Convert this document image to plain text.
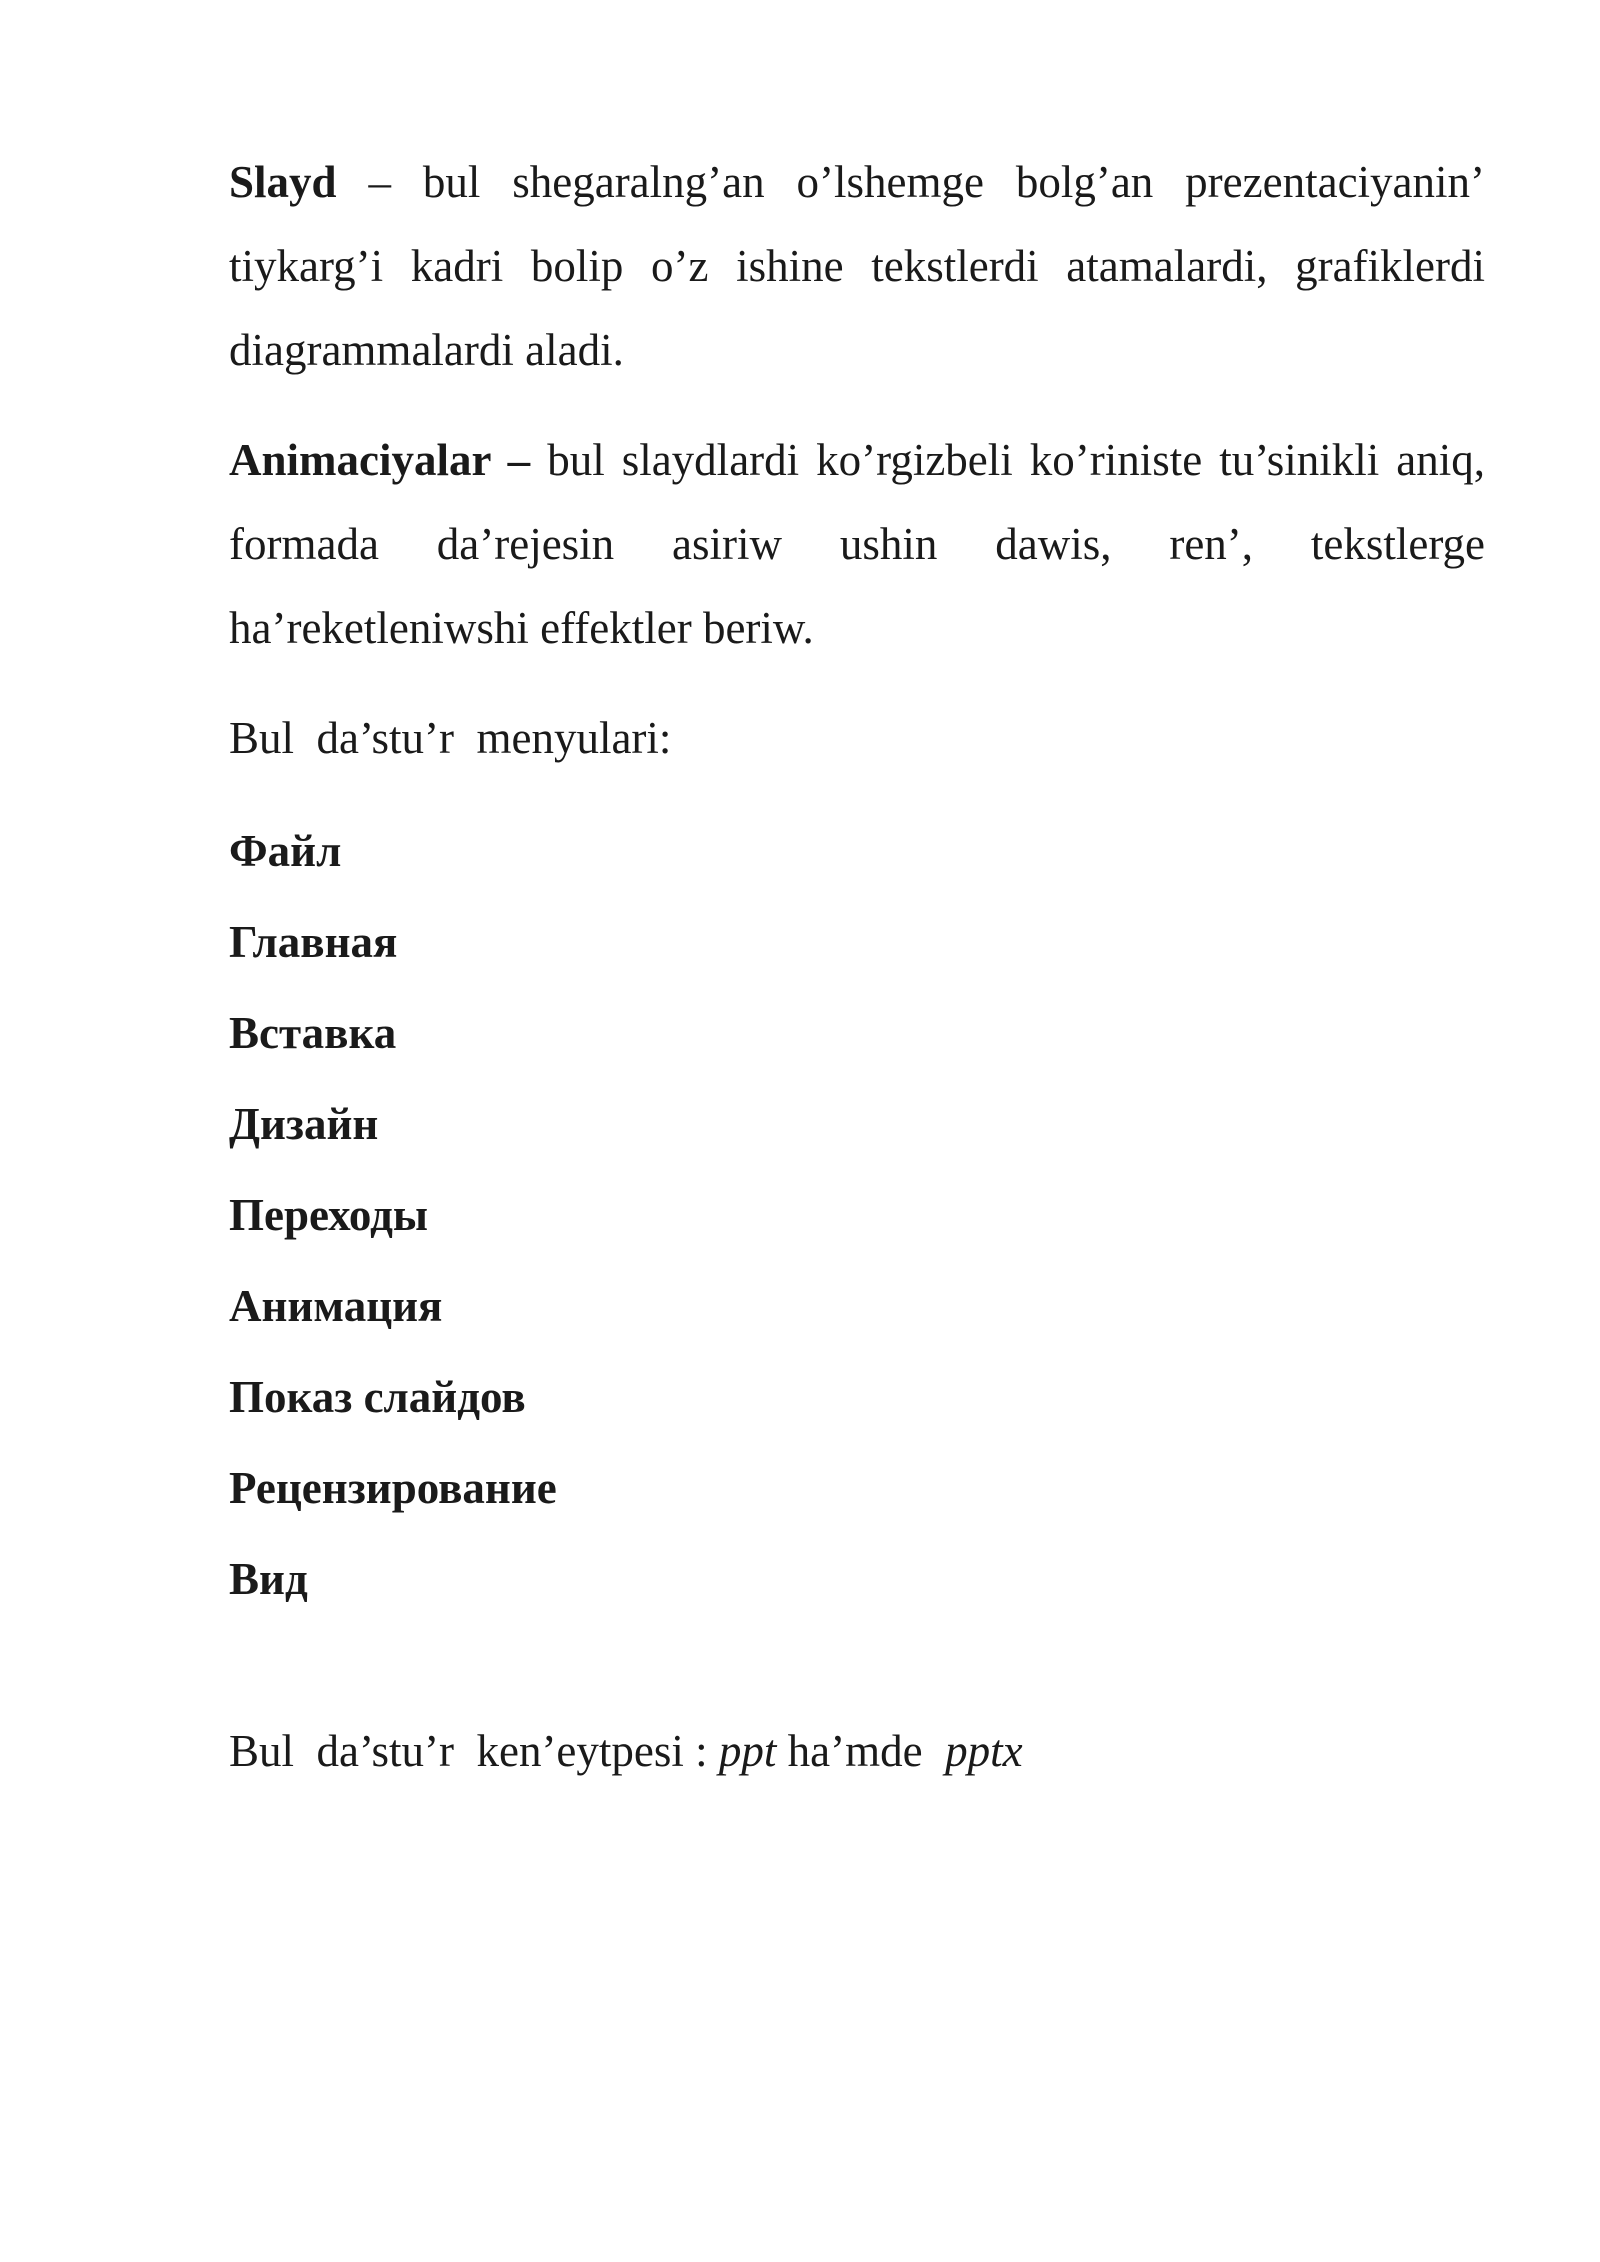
Slayd – bul shegaralng’an o’lshemge bolg’an prezentaciyanin’ tiykarg’i kadri bolip o’z ishine tekstlerdi atamalardi, grafiklerdi diagrammalardi aladi.

Animaciyalar – bul slaydlardi ko’rgizbeli ko’riniste tu’sinikli aniq, formada da’rejesin asiriw ushin dawis, ren’, tekstlerge ha’reketleniwshi effektler beriw.

Bul  da’stu’r  menyulari:

Файл
Главная
Вставка
Дизайн
Переходы
Анимация
Показ слайдов
Рецензирование
Вид

Bul  da’stu’r  ken’eytpesi : ppt ha’mde  pptx
